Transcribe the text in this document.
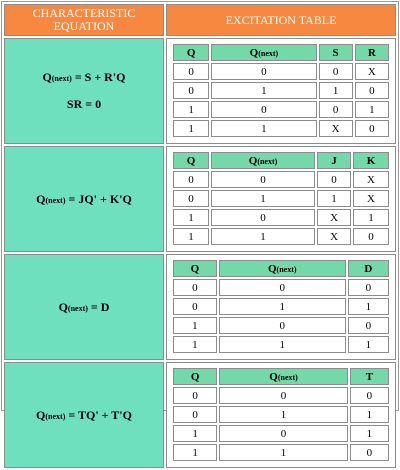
CHARACTERISTIC EQUATION	EXCITATION TABLE

Q(next) = S + R'Q
SR = 0

Q	Q(next)	S	R
0	0	0	X
0	1	1	0
1	0	0	1
1	1	X	0

Q(next) = JQ' + K'Q

Q	Q(next)	J	K
0	0	0	X
0	1	1	X
1	0	X	1
1	1	X	0

Q(next) = D

Q	Q(next)	D
0	0	0
0	1	1
1	0	0
1	1	1

Q(next) = TQ' + T'Q

Q	Q(next)	T
0	0	0
0	1	1
1	0	1
1	1	0
